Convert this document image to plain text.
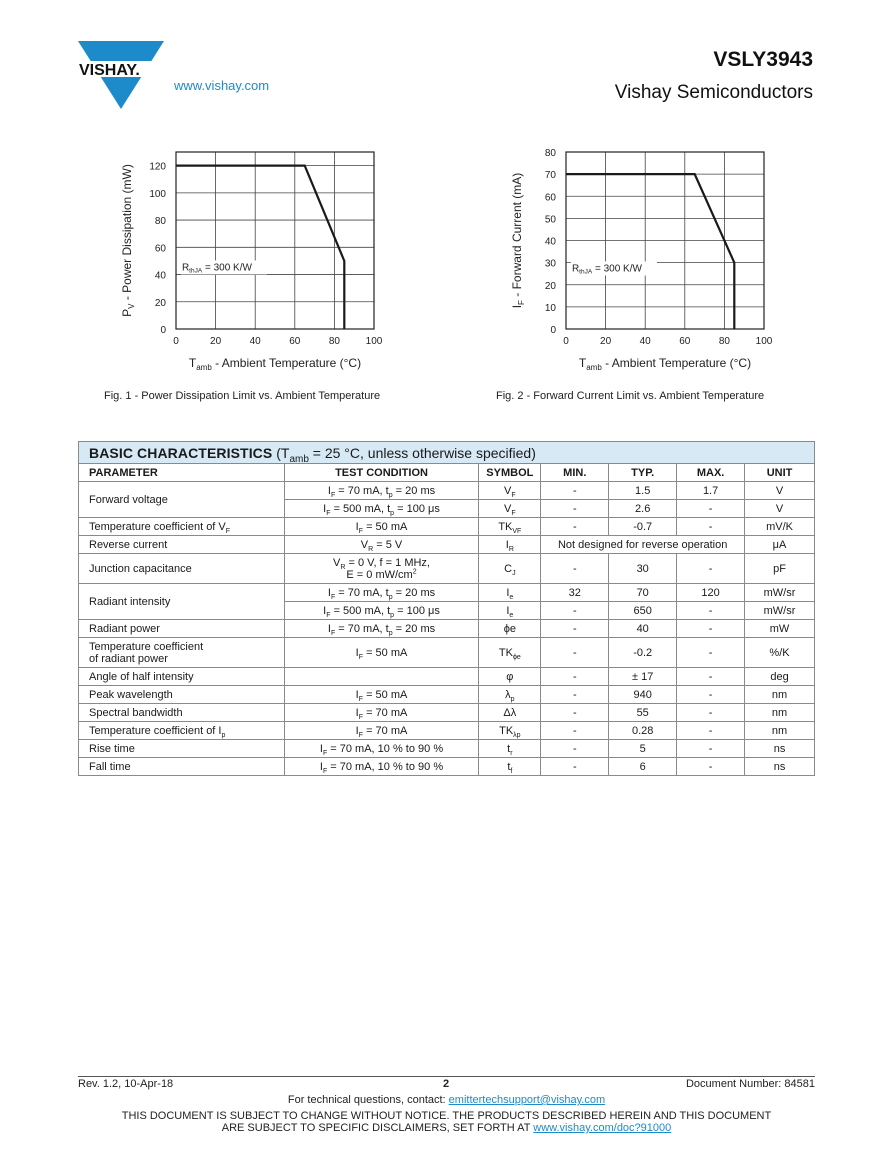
VISHAY.
www.vishay.com
VSLY3943
Vishay Semiconductors
0	20	40	60	80	100
0
20
40
60
80
100
120
$R_{thJA} = 300$ K/W
$T_{amb}$ - Ambient Temperature (°C)
$P_V$ - Power Dissipation (mW)
Fig. 1 - Power Dissipation Limit vs. Ambient Temperature
0	20	40	60	80	100
0
10
20
30
40
50
60
70
80
$R_{thJA} = 300$ K/W
$T_{amb}$ - Ambient Temperature (°C)
$I_F$ - Forward Current (mA)
Fig. 2 - Forward Current Limit vs. Ambient Temperature
BASIC CHARACTERISTICS ($T_{amb} = 25$ °C, unless otherwise specified)						
PARAMETER	TEST CONDITION	SYMBOL	MIN.	TYP.	MAX.	UNIT
Forward voltage	$I_F = 70$ mA, $t_p = 20$ ms	$V_F$	-	1.5	1.7	V
	$I_F = 500$ mA, $t_p = 100$ μs	$V_F$	-	2.6	-	V
Temperature coefficient of $V_F$	$I_F = 50$ mA	$TK_{VF}$	-	-0.7	-	mV/K
Reverse current	$V_R = 5$ V	$I_R$	Not designed for reverse operation			μA
Junction capacitance	$V_R = 0$ V, f = 1 MHz,
E = 0 $mW/cm^2$	$C_J$	-	30	-	pF
Radiant intensity	$I_F = 70$ mA, $t_p = 20$ ms	$I_e$	32	70	120	mW/sr
	$I_F = 500$ mA, $t_p = 100$ μs	$I_e$	-	650	-	mW/sr
Radiant power	$I_F = 70$ mA, $t_p = 20$ ms	ϕe	-	40	-	mW
Temperature coefficient
of radiant power	$I_F = 50$ mA	$TK_{\phi e}$	-	-0.2	-	%/K
Angle of half intensity		φ	-	± 17	-	deg
Peak wavelength	$I_F = 50$ mA	$\lambda_p$	-	940	-	nm
Spectral bandwidth	$I_F = 70$ mA	Δλ	-	55	-	nm
Temperature coefficient of $I_p$	$I_F = 70$ mA	$TK_{\lambda p}$	-	0.28	-	nm
Rise time	$I_F = 70$ mA, 10 % to 90 %	$t_r$	-	5	-	ns
Fall time	$I_F = 70$ mA, 10 % to 90 %	$t_f$	-	6	-	ns
Rev. 1.2, 10-Apr-18	2	Document Number: 84581
For technical questions, contact: emittertechsupport@vishay.com
THIS DOCUMENT IS SUBJECT TO CHANGE WITHOUT NOTICE. THE PRODUCTS DESCRIBED HEREIN AND THIS DOCUMENT
ARE SUBJECT TO SPECIFIC DISCLAIMERS, SET FORTH AT www.vishay.com/doc?91000
